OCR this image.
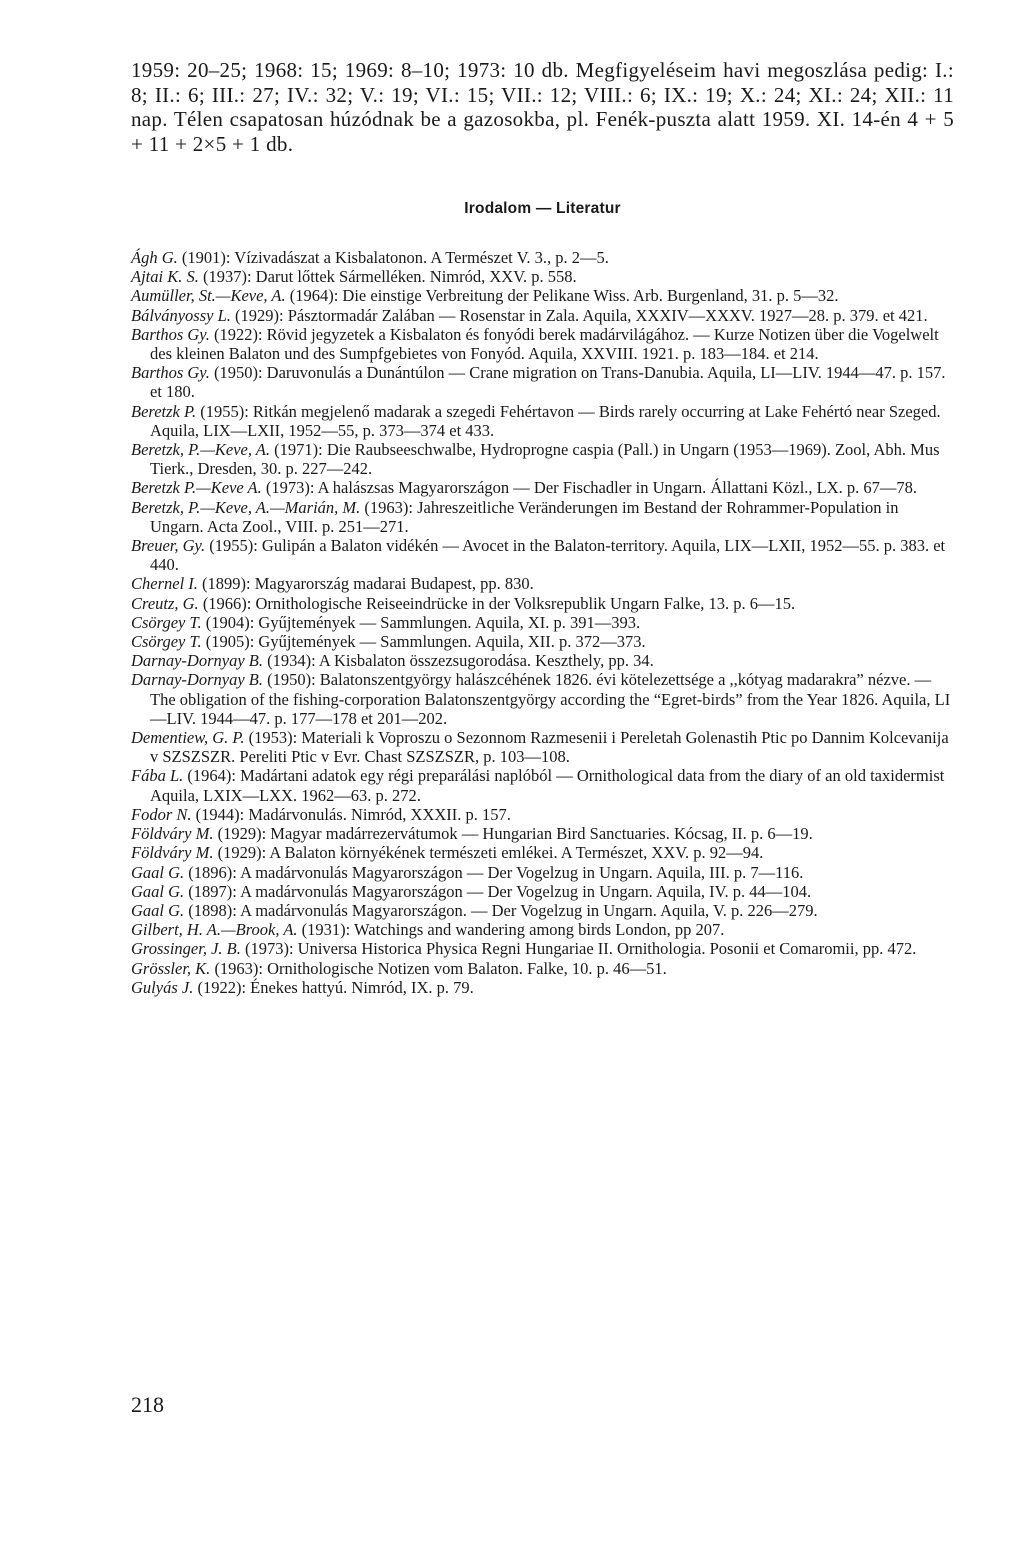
1959: 20–25; 1968: 15; 1969: 8–10; 1973: 10 db. Megfigyeléseim havi megoszlása pedig: I.: 8; II.: 6; III.: 27; IV.: 32; V.: 19; VI.: 15; VII.: 12; VIII.: 6; IX.: 19; X.: 24; XI.: 24; XII.: 11 nap. Télen csapatosan húzódnak be a gazosokba, pl. Fenék-puszta alatt 1959. XI. 14-én 4 + 5 + 11 + 2×5 + 1 db.

Irodalom — Literatur
Ágh G. (1901): Vízivadászat a Kisbalatonon. A Természet V. 3., p. 2—5.
Ajtai K. S. (1937): Darut lőttek Sármelléken. Nimród, XXV. p. 558.
Aumüller, St.—Keve, A. (1964): Die einstige Verbreitung der Pelikane Wiss. Arb. Burgenland, 31. p. 5—32.
Bálványossy L. (1929): Pásztormadár Zalában — Rosenstar in Zala. Aquila, XXXIV—XXXV. 1927—28. p. 379. et 421.
Barthos Gy. (1922): Rövid jegyzetek a Kisbalaton és fonyódi berek madárvilágához. — Kurze Notizen über die Vogelwelt des kleinen Balaton und des Sumpfgebietes von Fonyód. Aquila, XXVIII. 1921. p. 183—184. et 214.
Barthos Gy. (1950): Daruvonulás a Dunántúlon — Crane migration on Trans-Danubia. Aquila, LI—LIV. 1944—47. p. 157. et 180.
Beretzk P. (1955): Ritkán megjelenő madarak a szegedi Fehértavon — Birds rarely occurring at Lake Fehértó near Szeged. Aquila, LIX—LXII, 1952—55, p. 373—374 et 433.
Beretzk, P.—Keve, A. (1971): Die Raubseeschwalbe, Hydroprogne caspia (Pall.) in Ungarn (1953—1969). Zool, Abh. Mus Tierk., Dresden, 30. p. 227—242.
Beretzk P.—Keve A. (1973): A halászsas Magyarországon — Der Fischadler in Ungarn. Állattani Közl., LX. p. 67—78.
Beretzk, P.—Keve, A.—Marián, M. (1963): Jahreszeitliche Veränderungen im Bestand der Rohrammer-Population in Ungarn. Acta Zool., VIII. p. 251—271.
Breuer, Gy. (1955): Gulipán a Balaton vidékén — Avocet in the Balaton-territory. Aquila, LIX—LXII, 1952—55. p. 383. et 440.
Chernel I. (1899): Magyarország madarai Budapest, pp. 830.
Creutz, G. (1966): Ornithologische Reiseeindrücke in der Volksrepublik Ungarn Falke, 13. p. 6—15.
Csörgey T. (1904): Gyűjtemények — Sammlungen. Aquila, XI. p. 391—393.
Csörgey T. (1905): Gyűjtemények — Sammlungen. Aquila, XII. p. 372—373.
Darnay-Dornyay B. (1934): A Kisbalaton összezsugorodása. Keszthely, pp. 34.
Darnay-Dornyay B. (1950): Balatonszentgyörgy halászcéhének 1826. évi kötelezettsége a ,,kótyag madarakra” nézve. — The obligation of the fishing-corporation Balatonszentgyörgy according the “Egret-birds” from the Year 1826. Aquila, LI—LIV. 1944—47. p. 177—178 et 201—202.
Dementiew, G. P. (1953): Materiali k Voproszu o Sezonnom Razmesenii i Pereletah Golenastih Ptic po Dannim Kolcevanija v SZSZSZR. Pereliti Ptic v Evr. Chast SZSZSZR, p. 103—108.
Fába L. (1964): Madártani adatok egy régi preparálási naplóból — Ornithological data from the diary of an old taxidermist Aquila, LXIX—LXX. 1962—63. p. 272.
Fodor N. (1944): Madárvonulás. Nimród, XXXII. p. 157.
Földváry M. (1929): Magyar madárrezervátumok — Hungarian Bird Sanctuaries. Kócsag, II. p. 6—19.
Földváry M. (1929): A Balaton környékének természeti emlékei. A Természet, XXV. p. 92—94.
Gaal G. (1896): A madárvonulás Magyarországon — Der Vogelzug in Ungarn. Aquila, III. p. 7—116.
Gaal G. (1897): A madárvonulás Magyarországon — Der Vogelzug in Ungarn. Aquila, IV. p. 44—104.
Gaal G. (1898): A madárvonulás Magyarországon. — Der Vogelzug in Ungarn. Aquila, V. p. 226—279.
Gilbert, H. A.—Brook, A. (1931): Watchings and wandering among birds London, pp 207.
Grossinger, J. B. (1973): Universa Historica Physica Regni Hungariae II. Ornithologia. Posonii et Comaromii, pp. 472.
Grössler, K. (1963): Ornithologische Notizen vom Balaton. Falke, 10. p. 46—51.
Gulyás J. (1922): Énekes hattyú. Nimród, IX. p. 79.
218
